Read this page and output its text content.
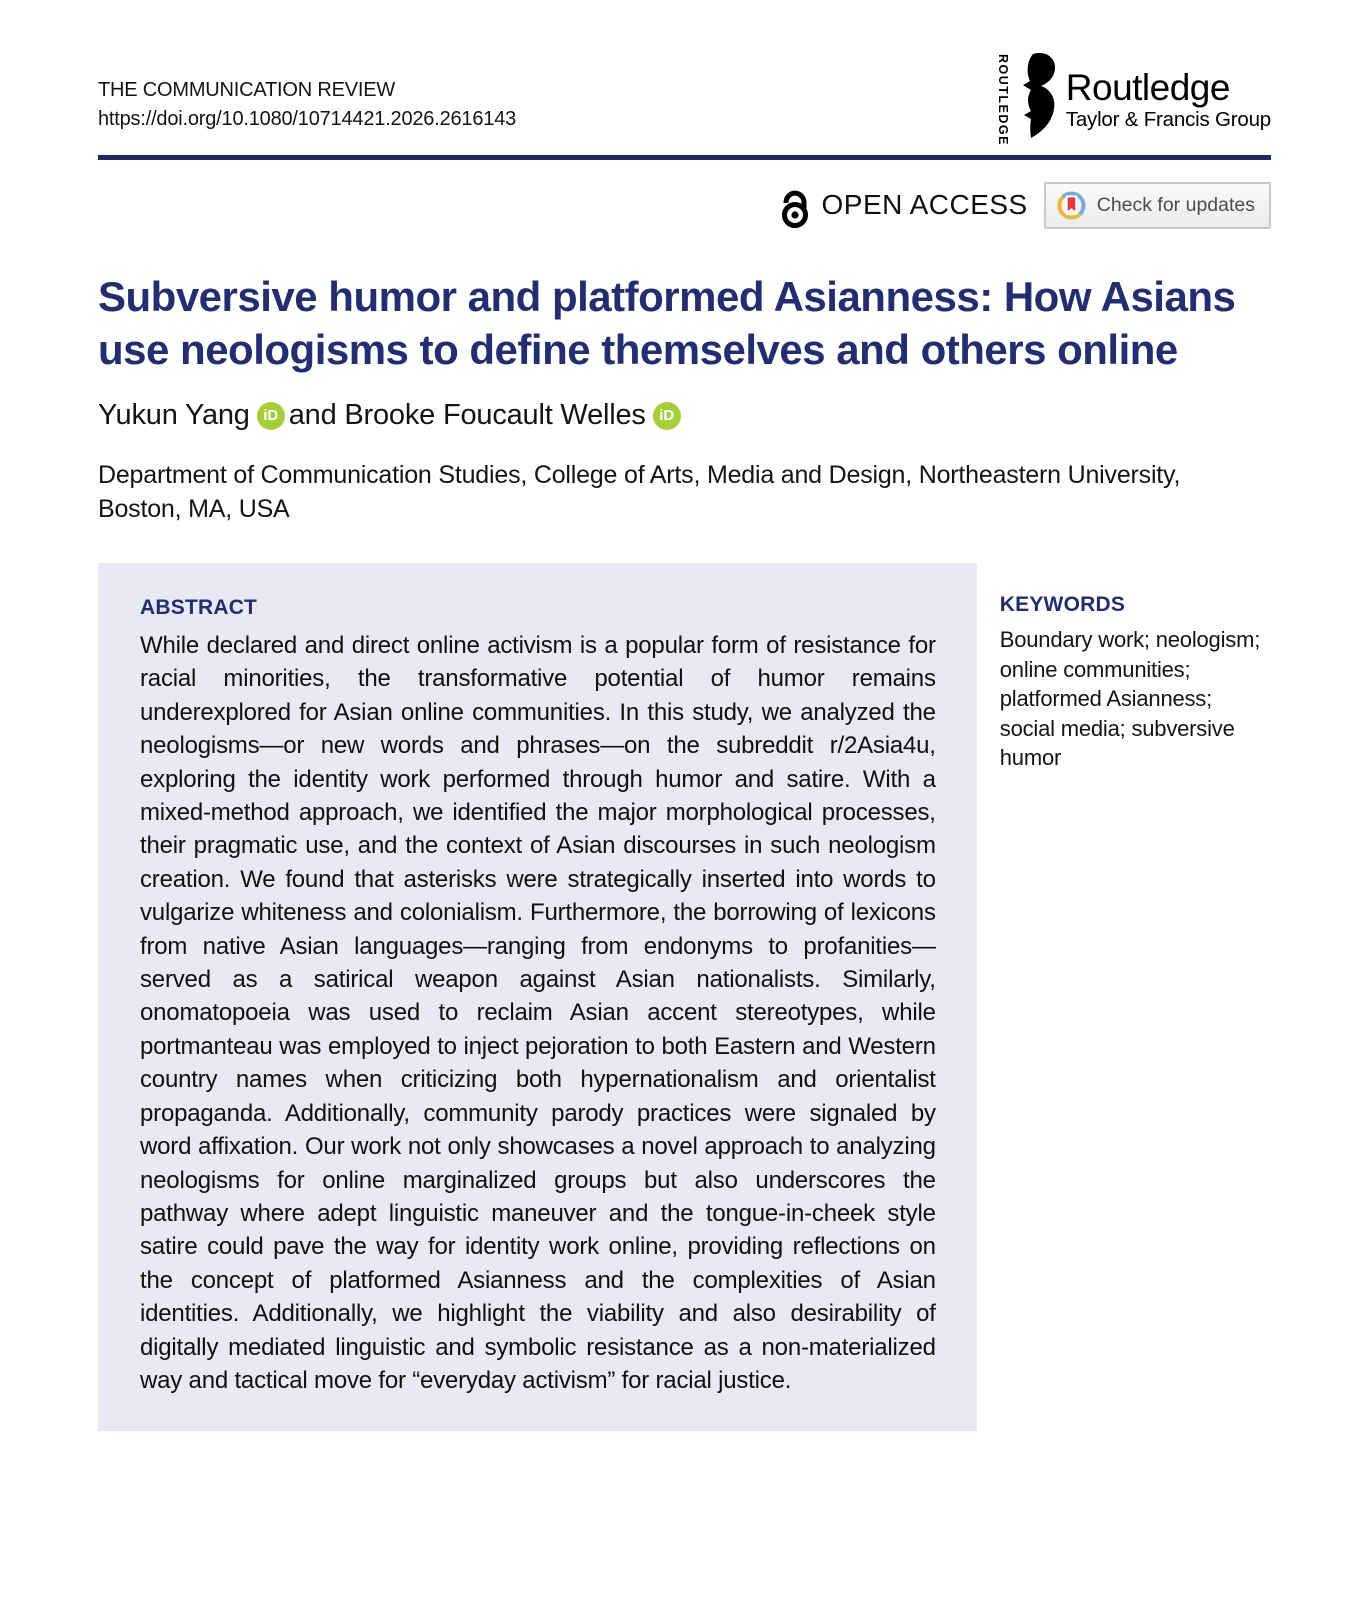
THE COMMUNICATION REVIEW
https://doi.org/10.1080/10714421.2026.2616143	ROUTLEDGE Routledge
Taylor & Francis Group
OPEN ACCESS	Check for updates
Subversive humor and platformed Asianness: How Asians use neologisms to define themselves and others online
Yukun Yang iD and
Brooke Foucault Welles iD

Department of Communication Studies, College of Arts, Media and Design, Northeastern University, Boston, MA, USA

ABSTRACT

While declared and direct online activism is a popular form of resistance for racial minorities, the transformative potential of humor remains underexplored for Asian online communities. In this study, we analyzed the neologisms—or new words and phrases—on the subreddit r/2Asia4u, exploring the identity work performed through humor and satire. With a mixed-method approach, we identified the major morphological processes, their pragmatic use, and the context of Asian discourses in such neologism creation. We found that asterisks were strategically inserted into words to vulgarize whiteness and colonialism. Furthermore, the borrowing of lexicons from native Asian languages—ranging from endonyms to profanities—served as a satirical weapon against Asian nationalists. Similarly, onomatopoeia was used to reclaim Asian accent stereotypes, while portmanteau was employed to inject pejoration to both Eastern and Western country names when criticizing both hypernationalism and orientalist propaganda. Additionally, community parody practices were signaled by word affixation. Our work not only showcases a novel approach to analyzing neologisms for online marginalized groups but also underscores the pathway where adept linguistic maneuver and the tongue-in-cheek style satire could pave the way for identity work online, providing reflections on the concept of platformed Asianness and the complexities of Asian identities. Additionally, we highlight the viability and also desirability of digitally mediated linguistic and symbolic resistance as a non-materialized way and tactical move for “everyday activism” for racial justice.

KEYWORDS

Boundary work; neologism; online communities; platformed Asianness; social media; subversive humor
